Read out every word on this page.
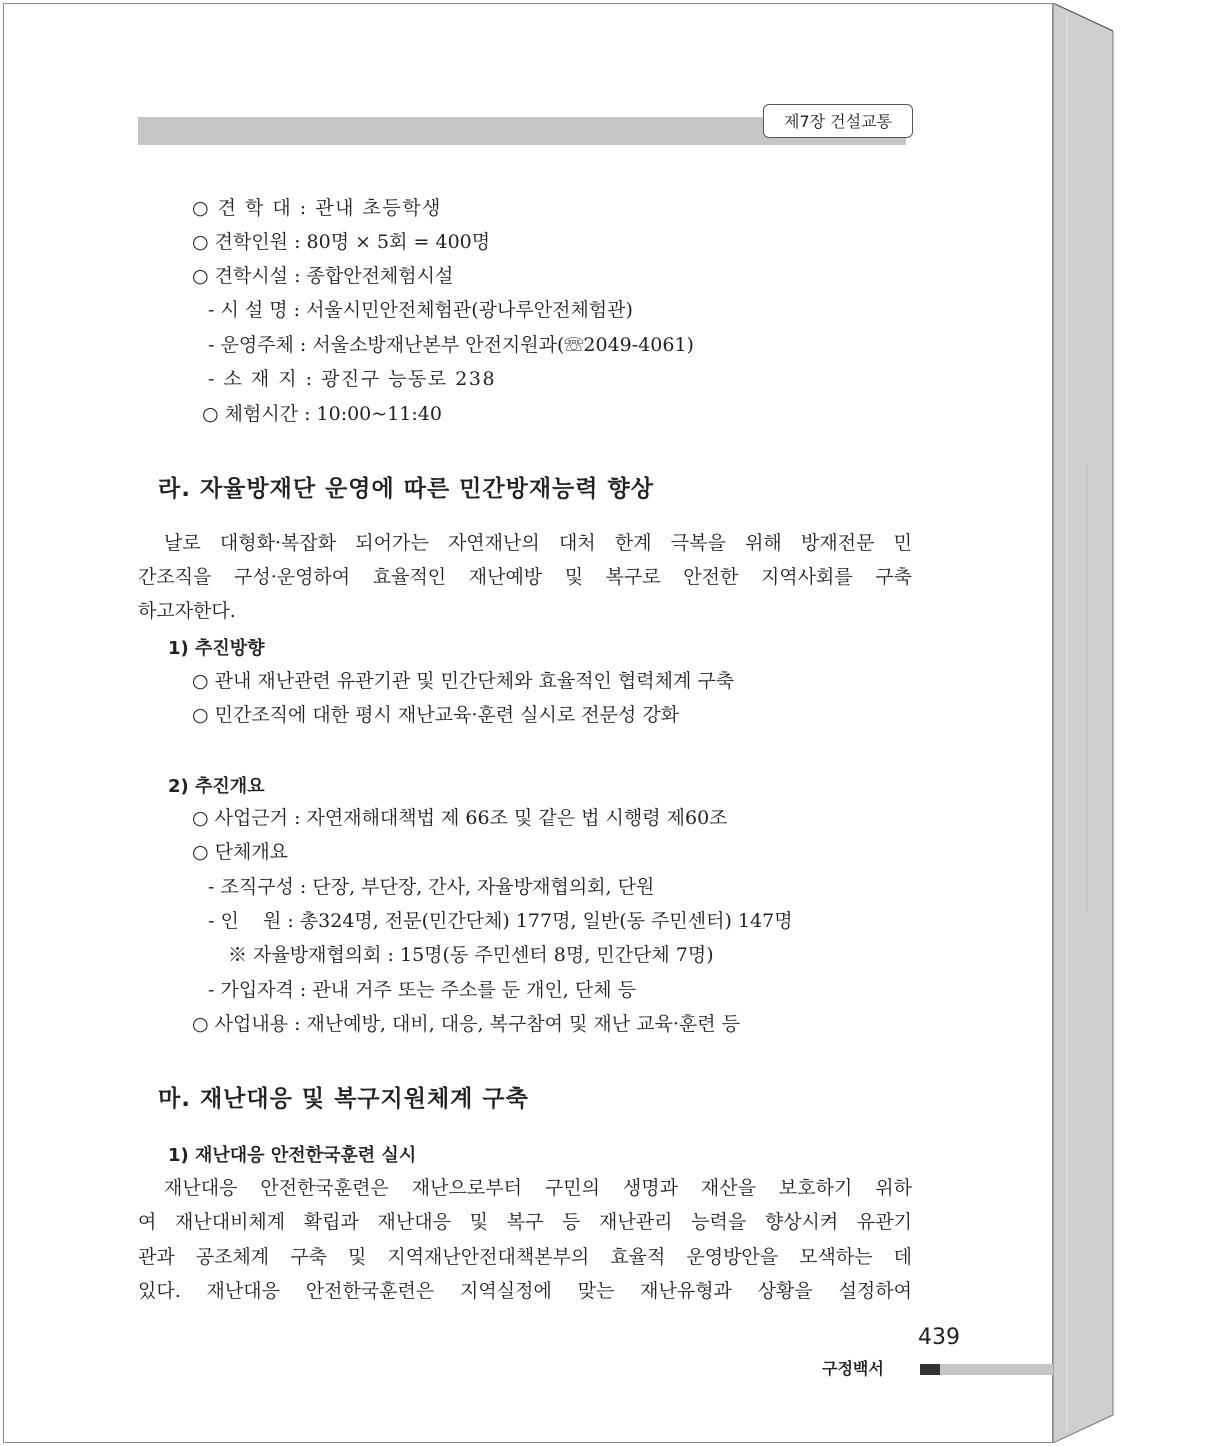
제7장 건설교통
○ 견 학 대 : 관내 초등학생
○ 견학인원 : 80명 × 5회 = 400명
○ 견학시설 : 종합안전체험시설
- 시 설 명 : 서울시민안전체험관(광나루안전체험관)
- 운영주체 : 서울소방재난본부 안전지원과(☏2049-4061)
- 소 재 지 : 광진구 능동로 238
○ 체험시간 : 10:00~11:40
라. 자율방재단 운영에 따른 민간방재능력 향상
날로 대형화·복잡화 되어가는 자연재난의 대처 한계 극복을 위해 방재전문 민
간조직을 구성·운영하여 효율적인 재난예방 및 복구로 안전한 지역사회를 구축
하고자한다.
1) 추진방향
○ 관내 재난관련 유관기관 및 민간단체와 효율적인 협력체계 구축
○ 민간조직에 대한 평시 재난교육·훈련 실시로 전문성 강화
2) 추진개요
○ 사업근거 : 자연재해대책법 제 66조 및 같은 법 시행령 제60조
○ 단체개요
- 조직구성 : 단장, 부단장, 간사, 자율방재협의회, 단원
- 인    원 : 총324명, 전문(민간단체) 177명, 일반(동 주민센터) 147명
※ 자율방재협의회 : 15명(동 주민센터 8명, 민간단체 7명)
- 가입자격 : 관내 거주 또는 주소를 둔 개인, 단체 등
○ 사업내용 : 재난예방, 대비, 대응, 복구참여 및 재난 교육·훈련 등
마. 재난대응 및 복구지원체계 구축
1) 재난대응 안전한국훈련 실시
재난대응 안전한국훈련은 재난으로부터 구민의 생명과 재산을 보호하기 위하
여 재난대비체계 확립과 재난대응 및 복구 등 재난관리 능력을 향상시켜 유관기
관과 공조체계 구축 및 지역재난안전대책본부의 효율적 운영방안을 모색하는 데
있다. 재난대응 안전한국훈련은 지역실정에 맞는 재난유형과 상황을 설정하여
439
구정백서
